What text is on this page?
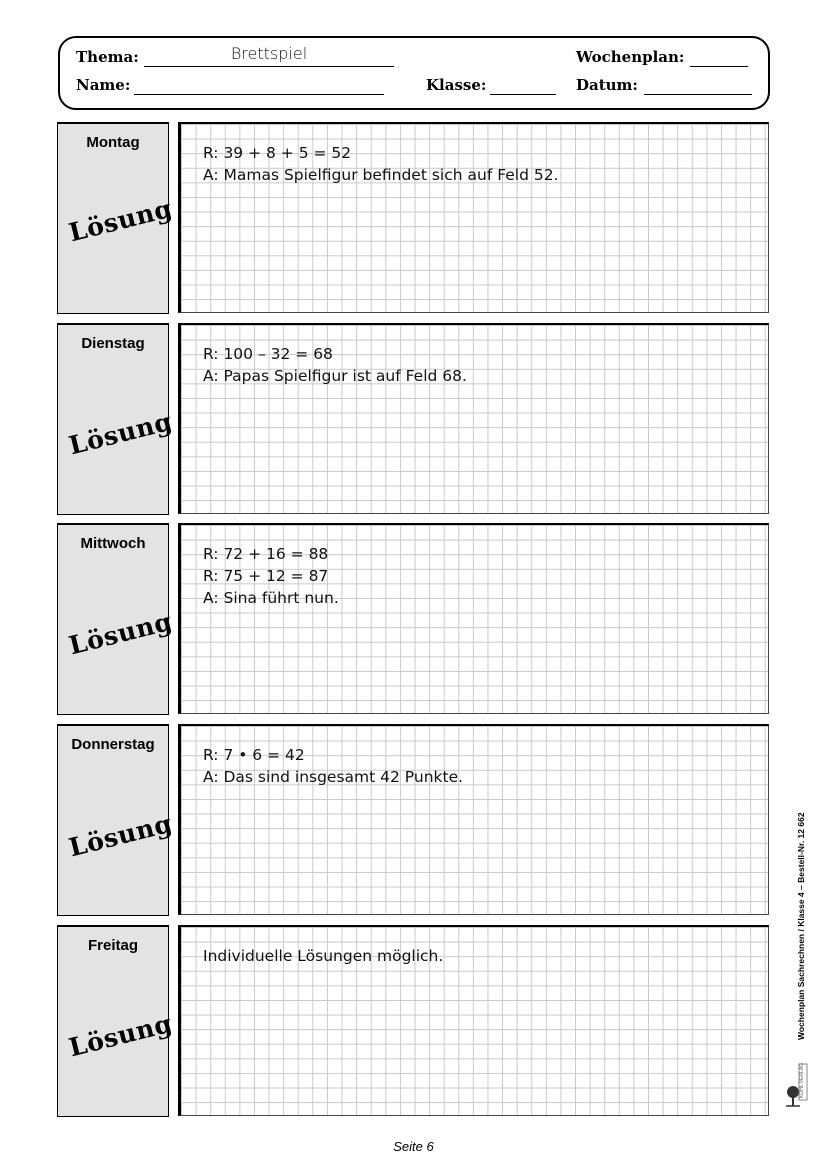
Thema:	Brettspiel	Wochenplan:
Name:	Klasse:	Datum:
Montag
Lösung
R: 39 + 8 + 5 = 52
A: Mamas Spielfigur befindet sich auf Feld 52.
Dienstag
Lösung
R: 100 – 32 = 68
A: Papas Spielfigur ist auf Feld 68.
Mittwoch
Lösung
R: 72 + 16 = 88
R: 75 + 12 = 87
A: Sina führt nun.
Donnerstag
Lösung
R: 7 • 6 = 42
A: Das sind insgesamt 42 Punkte.
Freitag
Lösung
Individuelle Lösungen möglich.	Wochenplan Sachrechnen / Klasse 4 – Bestell-Nr. 12 662
KOHL VERLAG
Seite 6
